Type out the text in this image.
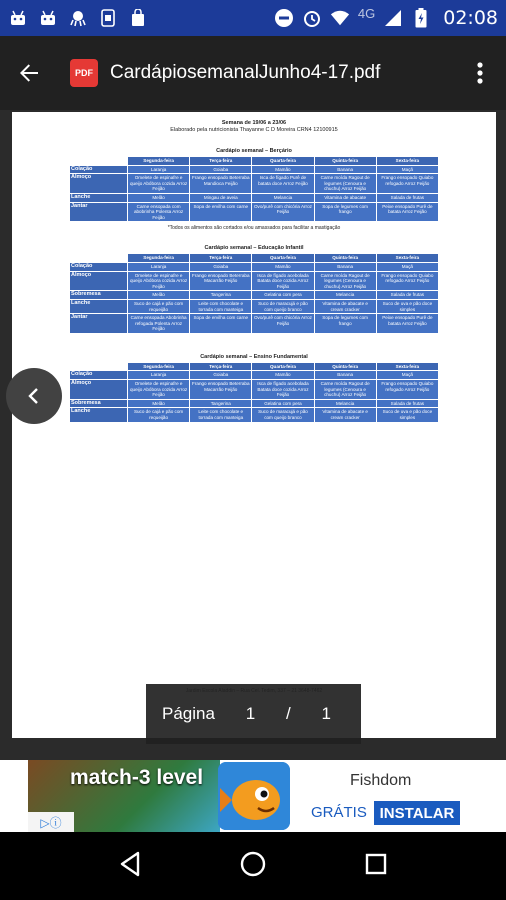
4G	02:08
PDF CardápiosemanalJunho4-17.pdf
Semana de 19/06 a 23/06
Elaborado pela nutricionista Thayanne C D Moreira CRN4 12100915
Cardápio semanal – Berçário
	Segunda-feira	Terça-feira	Quarta-feira	Quinta-feira	Sexta-feira
Colação	Laranja	Goiaba	Mamão	Banana	Maçã
Almoço	Omelete de espinafre e queijo Abóbora cozida Arroz Feijão	Frango ensopado Beterraba Mandioca Feijão	Isca de fígado Purê de batata doce Arroz Feijão	Carne moída Ragout de legumes (Cenoura e chuchu) Arroz Feijão	Frango ensopado Quiabo refogado Arroz Feijão
Lanche	Melão	Mingau de aveia	Melancia	Vitamina de abacate	Salada de frutas
Jantar	Carne ensopada com abobrinha Polenta Arroz Feijão	Sopa de ervilha com carne	Ovo/purê com chicória Arroz Feijão	Sopa de legumes com frango	Peixe ensopado Purê de batata Arroz Feijão
*Todos os alimentos são cortados e/ou amassados para facilitar a mastigação
Cardápio semanal – Educação Infantil
	Segunda-feira	Terça-feira	Quarta-feira	Quinta-feira	Sexta-feira
Colação	Laranja	Goiaba	Mamão	Banana	Maçã
Almoço	Omelete de espinafre e queijo Abóbora cozida Arroz Feijão	Frango ensopado Beterraba Macarrão Feijão	Isca de fígado acebolada Batata doce cozida Arroz Feijão	Carne moída Ragout de legumes (Cenoura e chuchu) Arroz Feijão	Frango ensopado Quiabo refogado Arroz Feijão
Sobremesa	Melão	Tangerina	Gelatina com pera	Melancia	Salada de frutas
Lanche	Suco de cajá e pão com requeijão	Leite com chocolate e torrada com manteiga	Suco de maracujá e pão com queijo branco	Vitamina de abacate e cream cracker	Suco de uva e pão doce simples
Jantar	Carne ensopada Abobrinha refogada Polenta Arroz Feijão	Sopa de ervilha com carne	Ovo/purê com chicória Arroz Feijão	Sopa de legumes com frango	Peixe ensopado Purê de batata Arroz Feijão
Cardápio semanal – Ensino Fundamental
	Segunda-feira	Terça-feira	Quarta-feira	Quinta-feira	Sexta-feira
Colação	Laranja	Goiaba	Mamão	Banana	Maçã
Almoço	Omelete de espinafre e queijo Abóbora cozida Arroz Feijão	Frango ensopado Beterraba Macarrão Feijão	Isca de fígado acebolada Batata doce cozida Arroz Feijão	Carne moída Ragout de legumes (Cenoura e chuchu) Arroz Feijão	Frango ensopado Quiabo refogado Arroz Feijão
Sobremesa	Melão	Tangerina	Gelatina com pera	Melancia	Salada de frutas
Lanche	Suco de cajá e pão com requeijão	Leite com chocolate e torrada com manteiga	Suco de maracujá e pão com queijo branco	Vitamina de abacate e cream cracker	Suco de uva e pão doce simples
Página 1 / 1
match-3 level
▷ⓘ
Fishdom
GRÁTIS INSTALAR
